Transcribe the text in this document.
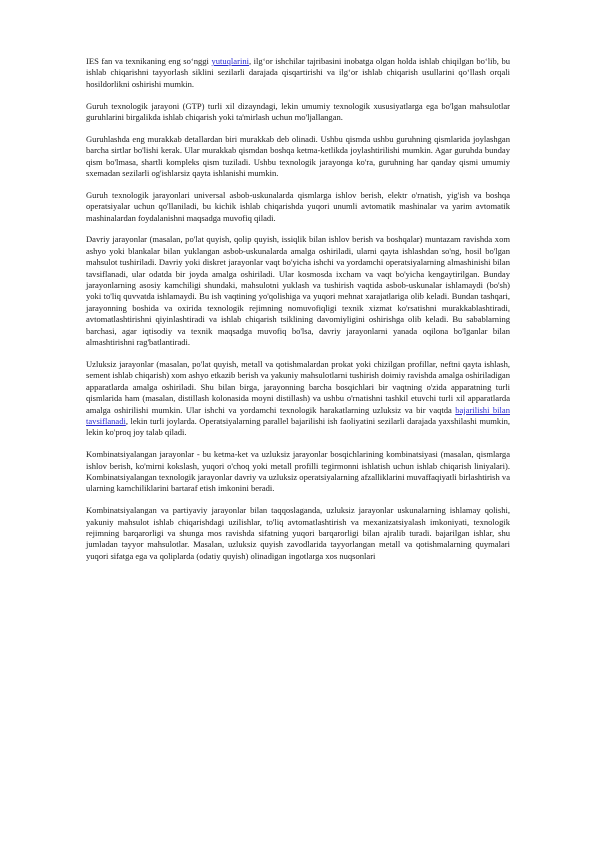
IES fan va texnikaning eng so‘nggi yutuqlarini, ilg‘or ishchilar tajribasini inobatga olgan holda ishlab chiqilgan bo‘lib, bu ishlab chiqarishni tayyorlash siklini sezilarli darajada qisqartirishi va ilg‘or ishlab chiqarish usullarini qo‘llash orqali hosildorlikni oshirishi mumkin.

Guruh texnologik jarayoni (GTP) turli xil dizayndagi, lekin umumiy texnologik xususiyatlarga ega bo'lgan mahsulotlar guruhlarini birgalikda ishlab chiqarish yoki ta'mirlash uchun mo'ljallangan.

Guruhlashda eng murakkab detallardan biri murakkab deb olinadi. Ushbu qismda ushbu guruhning qismlarida joylashgan barcha sirtlar bo'lishi kerak. Ular murakkab qismdan boshqa ketma-ketlikda joylashtirilishi mumkin. Agar guruhda bunday qism bo'lmasa, shartli kompleks qism tuziladi. Ushbu texnologik jarayonga ko'ra, guruhning har qanday qismi umumiy sxemadan sezilarli og'ishlarsiz qayta ishlanishi mumkin.

Guruh texnologik jarayonlari universal asbob-uskunalarda qismlarga ishlov berish, elektr o'rnatish, yig'ish va boshqa operatsiyalar uchun qo'llaniladi, bu kichik ishlab chiqarishda yuqori unumli avtomatik mashinalar va yarim avtomatik mashinalardan foydalanishni maqsadga muvofiq qiladi.

Davriy jarayonlar (masalan, po'lat quyish, qolip quyish, issiqlik bilan ishlov berish va boshqalar) muntazam ravishda xom ashyo yoki blankalar bilan yuklangan asbob-uskunalarda amalga oshiriladi, ularni qayta ishlashdan so'ng, hosil bo'lgan mahsulot tushiriladi. Davriy yoki diskret jarayonlar vaqt bo'yicha ishchi va yordamchi operatsiyalarning almashinishi bilan tavsiflanadi, ular odatda bir joyda amalga oshiriladi. Ular kosmosda ixcham va vaqt bo'yicha kengaytirilgan. Bunday jarayonlarning asosiy kamchiligi shundaki, mahsulotni yuklash va tushirish vaqtida asbob-uskunalar ishlamaydi (bo'sh) yoki to'liq quvvatda ishlamaydi. Bu ish vaqtining yo'qolishiga va yuqori mehnat xarajatlariga olib keladi. Bundan tashqari, jarayonning boshida va oxirida texnologik rejimning nomuvofiqligi texnik xizmat ko'rsatishni murakkablashtiradi, avtomatlashtirishni qiyinlashtiradi va ishlab chiqarish tsiklining davomiyligini oshirishga olib keladi. Bu sabablarning barchasi, agar iqtisodiy va texnik maqsadga muvofiq bo'lsa, davriy jarayonlarni yanada oqilona bo'lganlar bilan almashtirishni rag'batlantiradi.

Uzluksiz jarayonlar (masalan, po'lat quyish, metall va qotishmalardan prokat yoki chizilgan profillar, neftni qayta ishlash, sement ishlab chiqarish) xom ashyo etkazib berish va yakuniy mahsulotlarni tushirish doimiy ravishda amalga oshiriladigan apparatlarda amalga oshiriladi. Shu bilan birga, jarayonning barcha bosqichlari bir vaqtning o'zida apparatning turli qismlarida ham (masalan, distillash kolonasida moyni distillash) va ushbu o'rnatishni tashkil etuvchi turli xil apparatlarda amalga oshirilishi mumkin. Ular ishchi va yordamchi texnologik harakatlarning uzluksiz va bir vaqtda bajarilishi bilan tavsiflanadi, lekin turli joylarda. Operatsiyalarning parallel bajarilishi ish faoliyatini sezilarli darajada yaxshilashi mumkin, lekin ko'proq joy talab qiladi.

Kombinatsiyalangan jarayonlar - bu ketma-ket va uzluksiz jarayonlar bosqichlarining kombinatsiyasi (masalan, qismlarga ishlov berish, ko'mirni kokslash, yuqori o'choq yoki metall profilli tegirmonni ishlatish uchun ishlab chiqarish liniyalari). Kombinatsiyalangan texnologik jarayonlar davriy va uzluksiz operatsiyalarning afzalliklarini muvaffaqiyatli birlashtirish va ularning kamchiliklarini bartaraf etish imkonini beradi.

Kombinatsiyalangan va partiyaviy jarayonlar bilan taqqoslaganda, uzluksiz jarayonlar uskunalarning ishlamay qolishi, yakuniy mahsulot ishlab chiqarishdagi uzilishlar, to'liq avtomatlashtirish va mexanizatsiyalash imkoniyati, texnologik rejimning barqarorligi va shunga mos ravishda sifatning yuqori barqarorligi bilan ajralib turadi. bajarilgan ishlar, shu jumladan tayyor mahsulotlar. Masalan, uzluksiz quyish zavodlarida tayyorlangan metall va qotishmalarning quymalari yuqori sifatga ega va qoliplarda (odatiy quyish) olinadigan ingotlarga xos nuqsonlari
